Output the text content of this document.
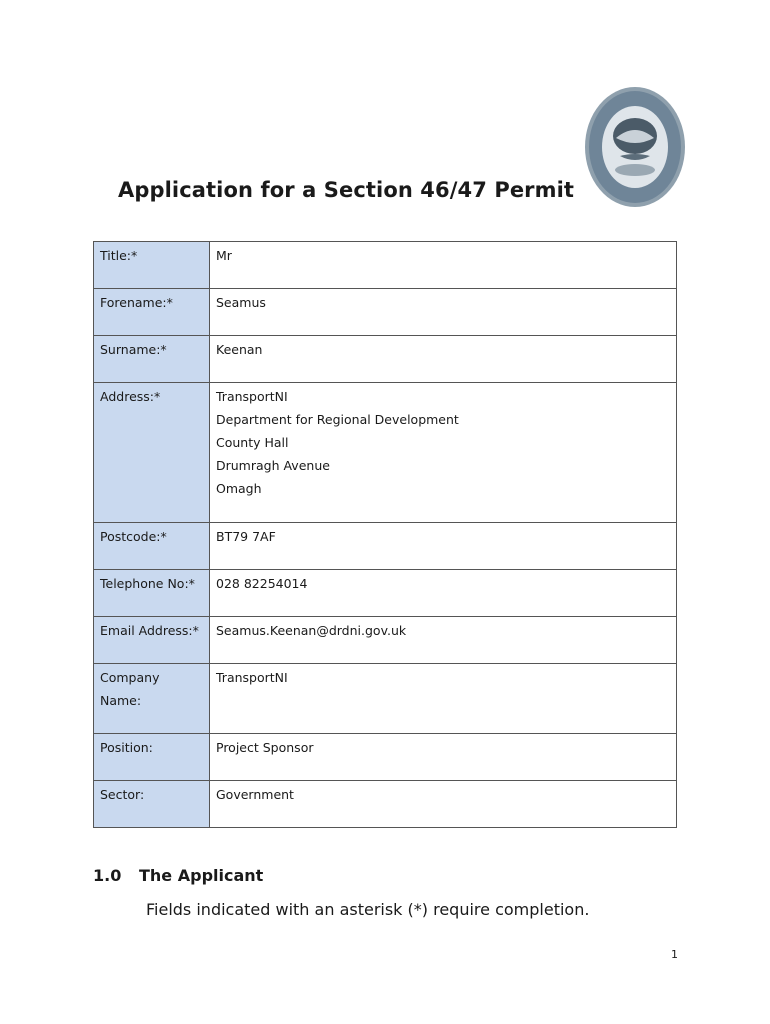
Application for a Section 46/47 Permit
Title:*	Mr
Forename:*	Seamus
Surname:*	Keenan
Address:*	TransportNI
Department for Regional Development
County Hall
Drumragh Avenue
Omagh

Postcode:*	BT79 7AF
Telephone No:*	028 82254014
Email Address:*	Seamus.Keenan@drdni.gov.uk

Company
Name:	TransportNI
Position:	Project Sponsor
Sector:	Government
1.0 The Applicant

Fields indicated with an asterisk (*) require completion.

1
